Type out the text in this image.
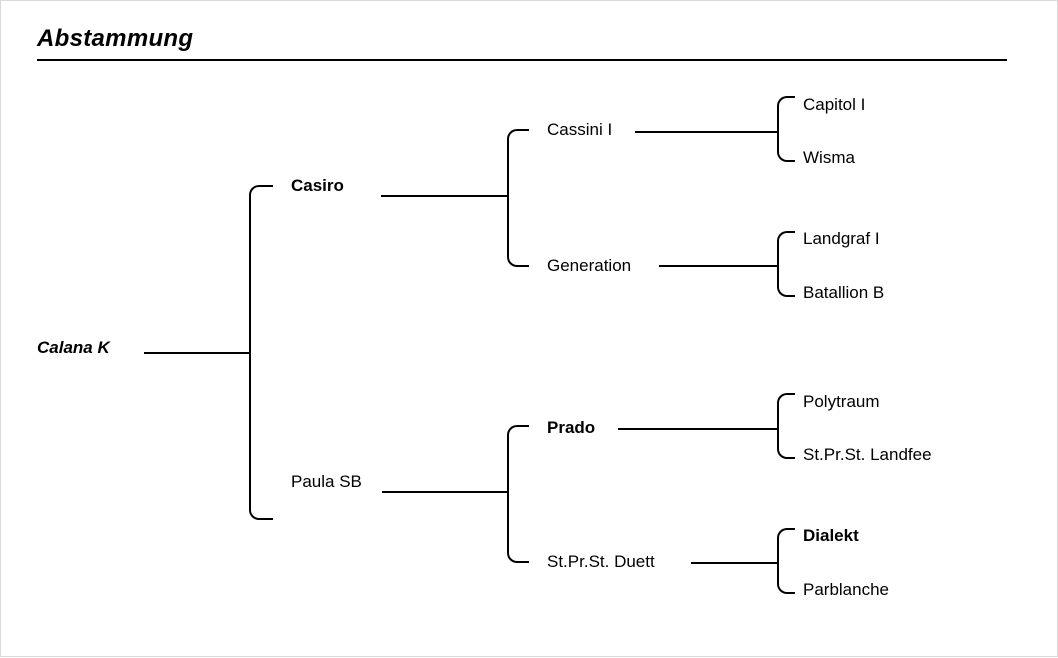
Abstammung
Calana K
Casiro
Paula SB
Cassini I
Generation
Prado
St.Pr.St. Duett
Capitol I
Wisma
Landgraf I
Batallion B
Polytraum
St.Pr.St. Landfee
Dialekt
Parblanche
